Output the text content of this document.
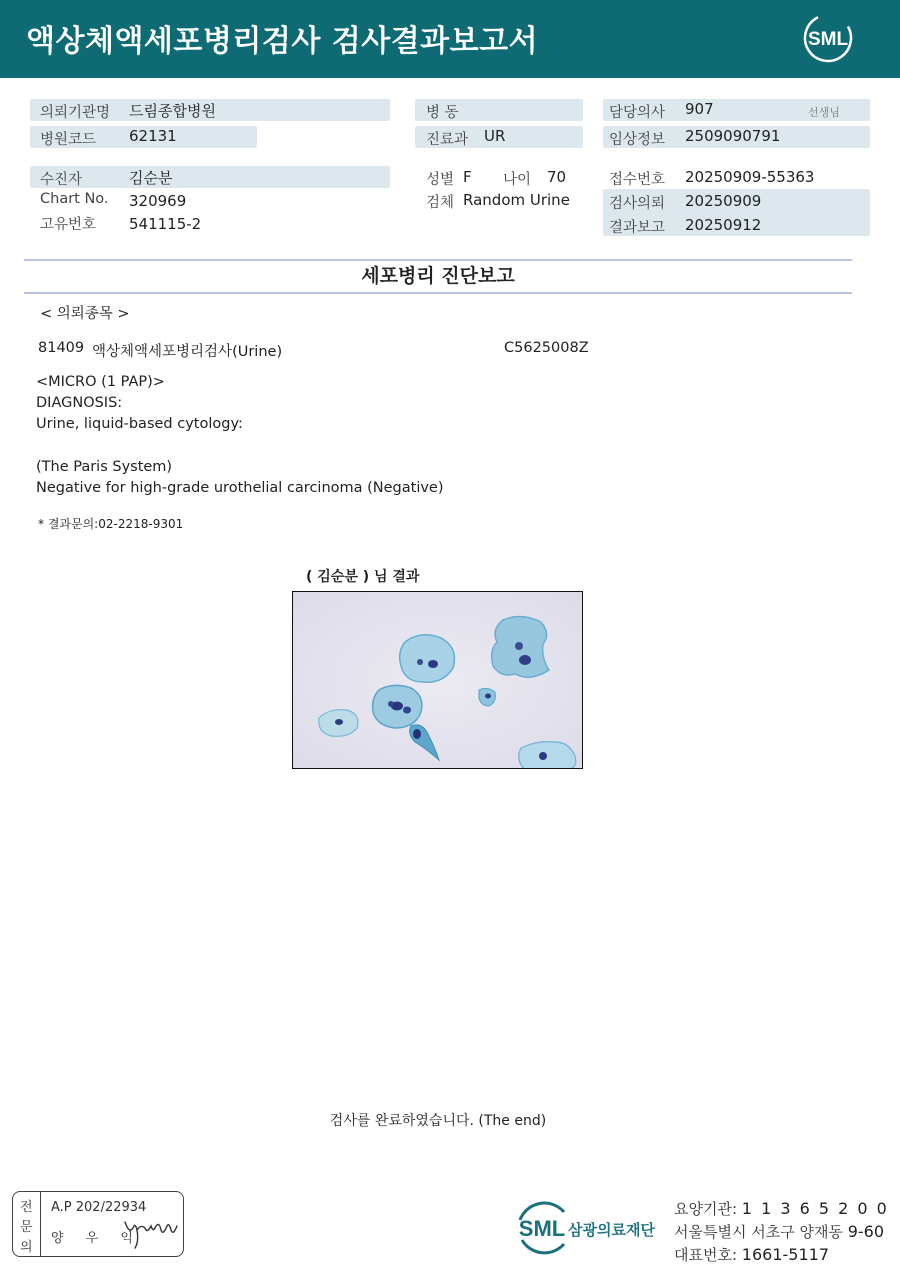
액상체액세포병리검사 검사결과보고서	SML
의뢰기관명 드림종합병원
병원코드 62131
수진자	김순분
Chart No. 320969
고유번호 541115-2
병 동
진료과 UR
성별 F 나이 70
검체 Random Urine
담당의사 907	선생님
임상정보 2509090791
접수번호 20250909-55363
검사의뢰 20250909
결과보고 20250912
세포병리 진단보고
< 의뢰종목 >
81409 액상체액세포병리검사(Urine)	C5625008Z
<MICRO (1 PAP)>
DIAGNOSIS:
Urine, liquid-based cytology:
(The Paris System)
Negative for high-grade urothelial carcinoma (Negative)
* 결과문의:02-2218-9301
( 김순분 ) 님 결과
검사를 완료하였습니다. (The end)
전
문
의
A.P 202/22934
양 우 익	SML 삼광의료재단
요양기관: 1 1 3 6 5 2 0 0
서울특별시 서초구 양재동 9-60
대표번호: 1661-5117
